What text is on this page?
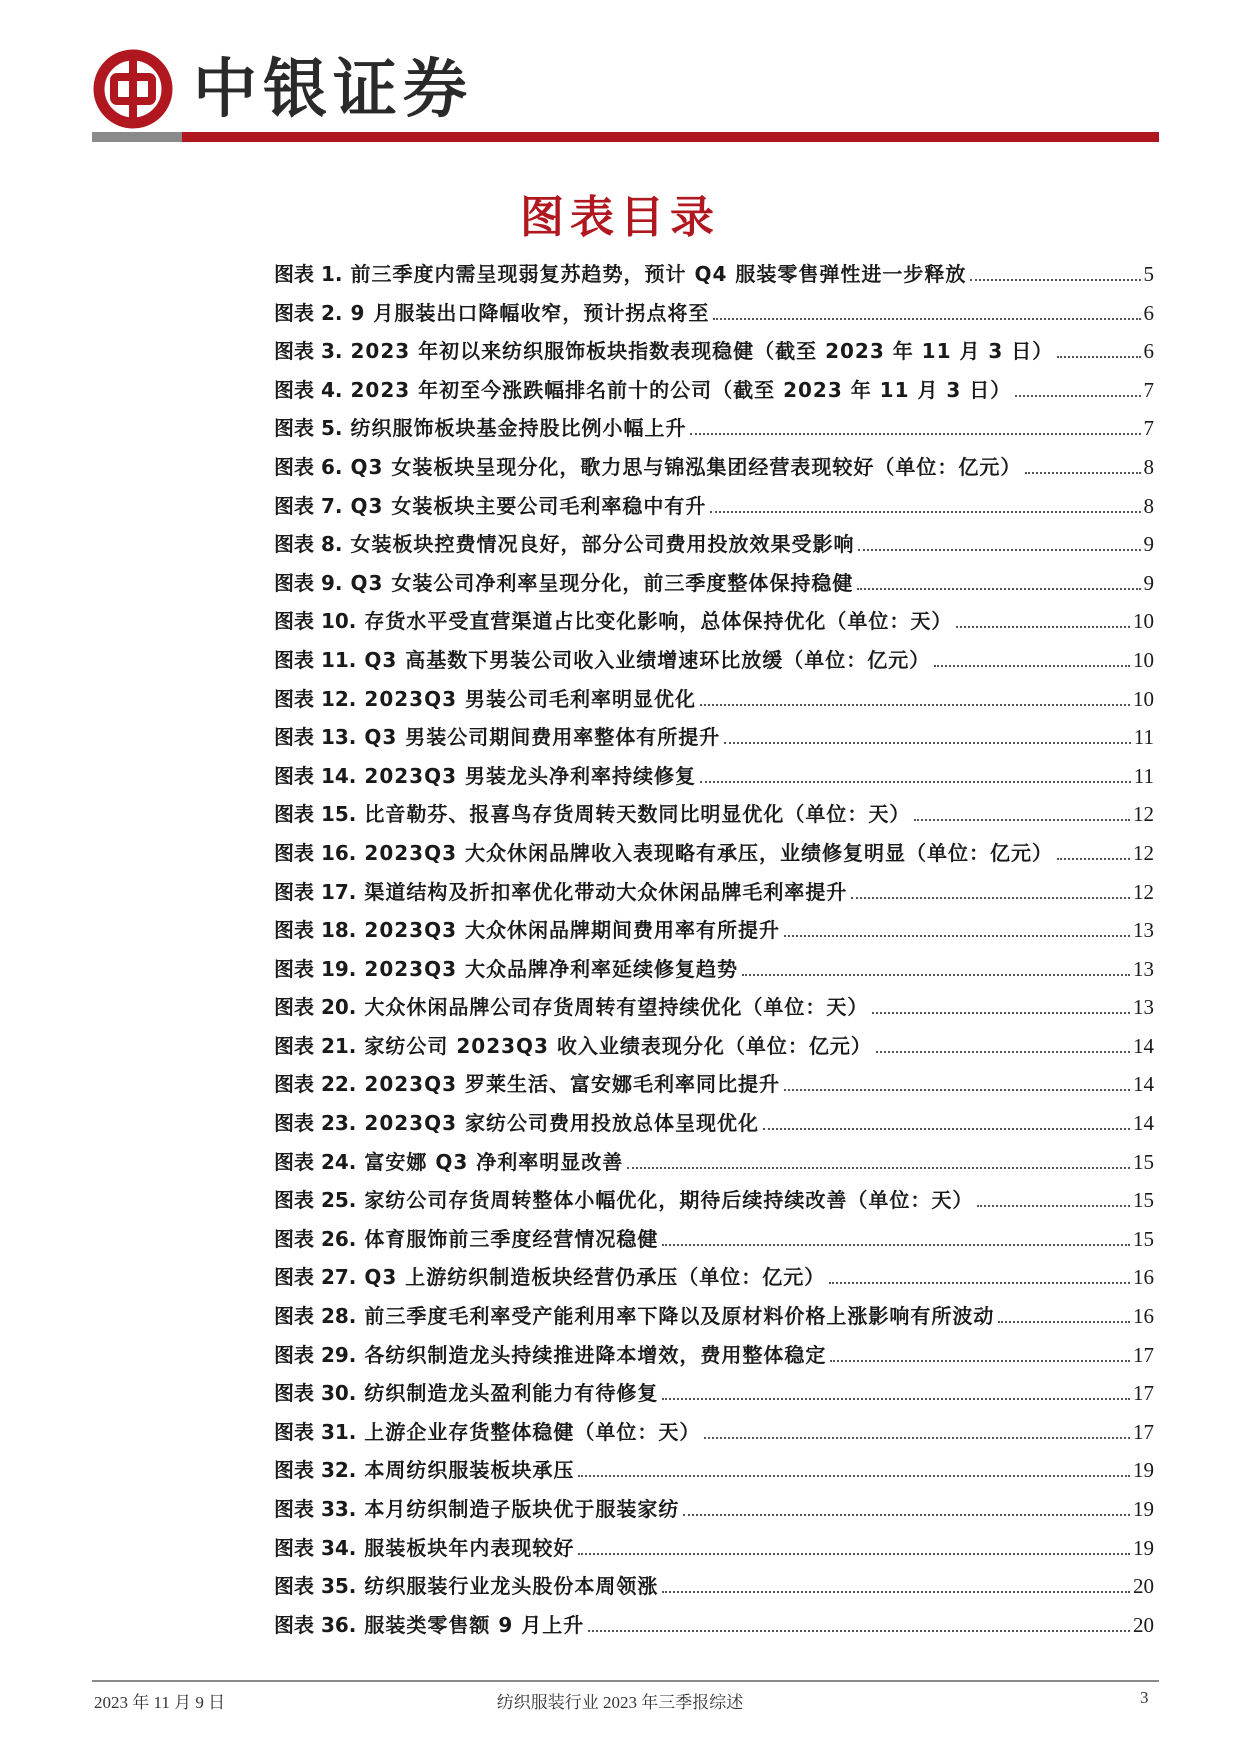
中银证券
图表目录
图表 1. 前三季度内需呈现弱复苏趋势，预计 Q4 服装零售弹性进一步释放	5
图表 2. 9 月服装出口降幅收窄，预计拐点将至	6
图表 3. 2023 年初以来纺织服饰板块指数表现稳健（截至 2023 年 11 月 3 日）	6
图表 4. 2023 年初至今涨跌幅排名前十的公司（截至 2023 年 11 月 3 日）	7
图表 5. 纺织服饰板块基金持股比例小幅上升	7
图表 6. Q3 女装板块呈现分化，歌力思与锦泓集团经营表现较好（单位：亿元）	8
图表 7. Q3 女装板块主要公司毛利率稳中有升	8
图表 8. 女装板块控费情况良好，部分公司费用投放效果受影响	9
图表 9. Q3 女装公司净利率呈现分化，前三季度整体保持稳健	9
图表 10. 存货水平受直营渠道占比变化影响，总体保持优化（单位：天）	10
图表 11. Q3 高基数下男装公司收入业绩增速环比放缓（单位：亿元）	10
图表 12. 2023Q3 男装公司毛利率明显优化	10
图表 13. Q3 男装公司期间费用率整体有所提升	11
图表 14. 2023Q3 男装龙头净利率持续修复	11
图表 15. 比音勒芬、报喜鸟存货周转天数同比明显优化（单位：天）	12
图表 16. 2023Q3 大众休闲品牌收入表现略有承压，业绩修复明显（单位：亿元）	12
图表 17. 渠道结构及折扣率优化带动大众休闲品牌毛利率提升	12
图表 18. 2023Q3 大众休闲品牌期间费用率有所提升	13
图表 19. 2023Q3 大众品牌净利率延续修复趋势	13
图表 20. 大众休闲品牌公司存货周转有望持续优化（单位：天）	13
图表 21. 家纺公司 2023Q3 收入业绩表现分化（单位：亿元）	14
图表 22. 2023Q3 罗莱生活、富安娜毛利率同比提升	14
图表 23. 2023Q3 家纺公司费用投放总体呈现优化	14
图表 24. 富安娜 Q3 净利率明显改善	15
图表 25. 家纺公司存货周转整体小幅优化，期待后续持续改善（单位：天）	15
图表 26. 体育服饰前三季度经营情况稳健	15
图表 27. Q3 上游纺织制造板块经营仍承压（单位：亿元）	16
图表 28. 前三季度毛利率受产能利用率下降以及原材料价格上涨影响有所波动	16
图表 29. 各纺织制造龙头持续推进降本增效，费用整体稳定	17
图表 30. 纺织制造龙头盈利能力有待修复	17
图表 31. 上游企业存货整体稳健（单位：天）	17
图表 32. 本周纺织服装板块承压	19
图表 33. 本月纺织制造子版块优于服装家纺	19
图表 34. 服装板块年内表现较好	19
图表 35. 纺织服装行业龙头股份本周领涨	20
图表 36. 服装类零售额 9 月上升	20
2023 年 11 月 9 日	纺织服装行业 2023 年三季报综述	3
